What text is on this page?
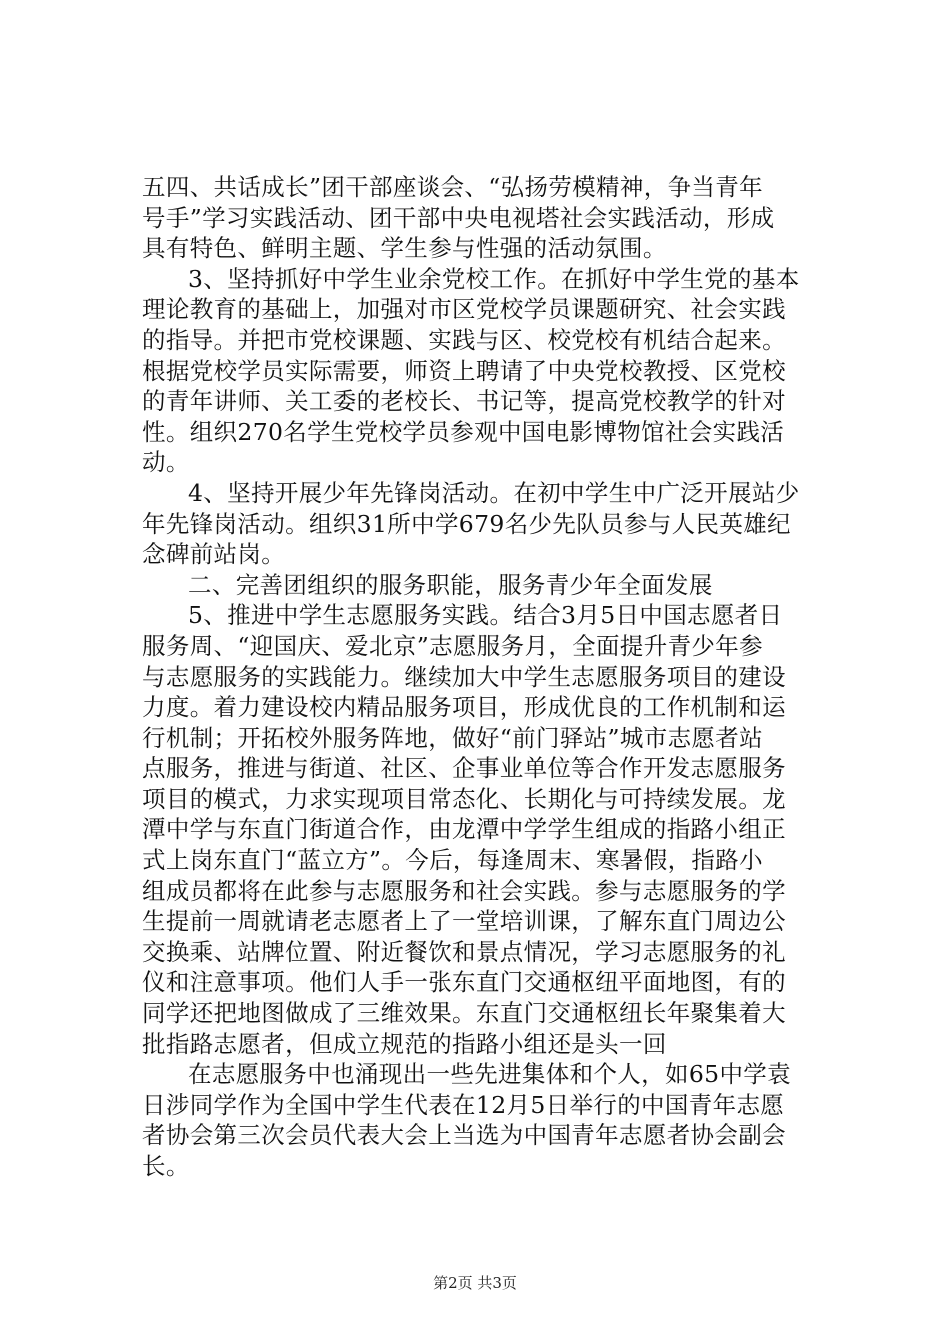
五四、共话成长”团干部座谈会、“弘扬劳模精神，争当青年
号手”学习实践活动、团干部中央电视塔社会实践活动，形成
具有特色、鲜明主题、学生参与性强的活动氛围。
3、坚持抓好中学生业余党校工作。在抓好中学生党的基本
理论教育的基础上，加强对市区党校学员课题研究、社会实践
的指导。并把市党校课题、实践与区、校党校有机结合起来。
根据党校学员实际需要，师资上聘请了中央党校教授、区党校
的青年讲师、关工委的老校长、书记等，提高党校教学的针对
性。组织270名学生党校学员参观中国电影博物馆社会实践活
动。
4、坚持开展少年先锋岗活动。在初中学生中广泛开展站少
年先锋岗活动。组织31所中学679名少先队员参与人民英雄纪
念碑前站岗。
二、完善团组织的服务职能，服务青少年全面发展
5、推进中学生志愿服务实践。结合3月5日中国志愿者日
服务周、“迎国庆、爱北京”志愿服务月，全面提升青少年参
与志愿服务的实践能力。继续加大中学生志愿服务项目的建设
力度。着力建设校内精品服务项目，形成优良的工作机制和运
行机制；开拓校外服务阵地，做好“前门驿站”城市志愿者站
点服务，推进与街道、社区、企事业单位等合作开发志愿服务
项目的模式，力求实现项目常态化、长期化与可持续发展。龙
潭中学与东直门街道合作，由龙潭中学学生组成的指路小组正
式上岗东直门“蓝立方”。今后，每逢周末、寒暑假，指路小
组成员都将在此参与志愿服务和社会实践。参与志愿服务的学
生提前一周就请老志愿者上了一堂培训课，了解东直门周边公
交换乘、站牌位置、附近餐饮和景点情况，学习志愿服务的礼
仪和注意事项。他们人手一张东直门交通枢纽平面地图，有的
同学还把地图做成了三维效果。东直门交通枢纽长年聚集着大
批指路志愿者，但成立规范的指路小组还是头一回
在志愿服务中也涌现出一些先进集体和个人，如65中学袁
日涉同学作为全国中学生代表在12月5日举行的中国青年志愿
者协会第三次会员代表大会上当选为中国青年志愿者协会副会
长。
第2页 共3页
